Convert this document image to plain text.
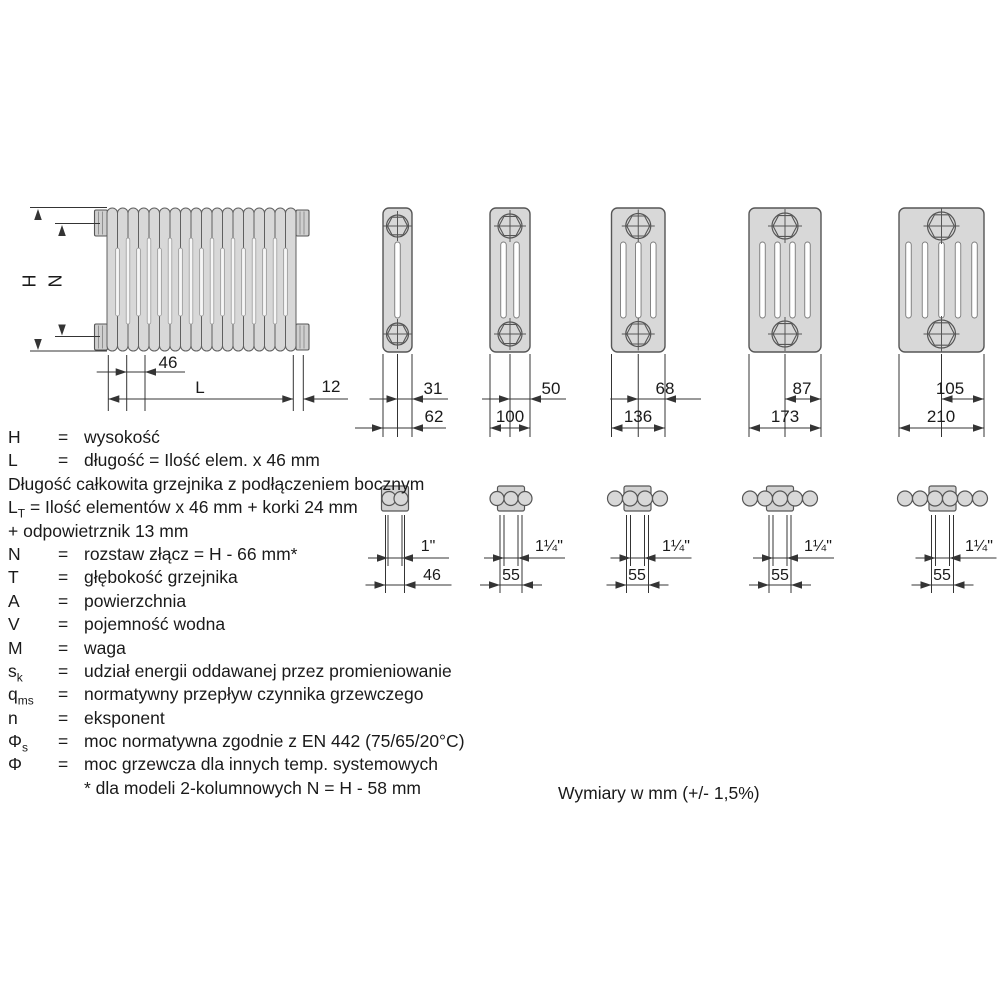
H N
46
L	12	31
62
50
100
68
136
87
173
105
210
1"
46
1¼"
55
1¼"
55
1¼"
55
1¼"
55
H = wysokość
L = długość = Ilość elem. x 46 mm
Długość całkowita grzejnika z podłączeniem bocznym
$L_T$ = Ilość elementów x 46 mm + korki 24 mm
+ odpowietrznik 13 mm
N = rozstaw złącz = H - 66 mm*
T = głębokość grzejnika
A = powierzchnia
V = pojemność wodna
M = waga
$s_k$ = udział energii oddawanej przez promieniowanie
$q_{ms}$ = normatywny przepływ czynnika grzewczego
n = eksponent
$\Phi_s$ = moc normatywna zgodnie z EN 442 (75/65/20°C)
Φ = moc grzewcza dla innych temp. systemowych
* dla modeli 2-kolumnowych N = H - 58 mm	Wymiary w mm (+/- 1,5%)
